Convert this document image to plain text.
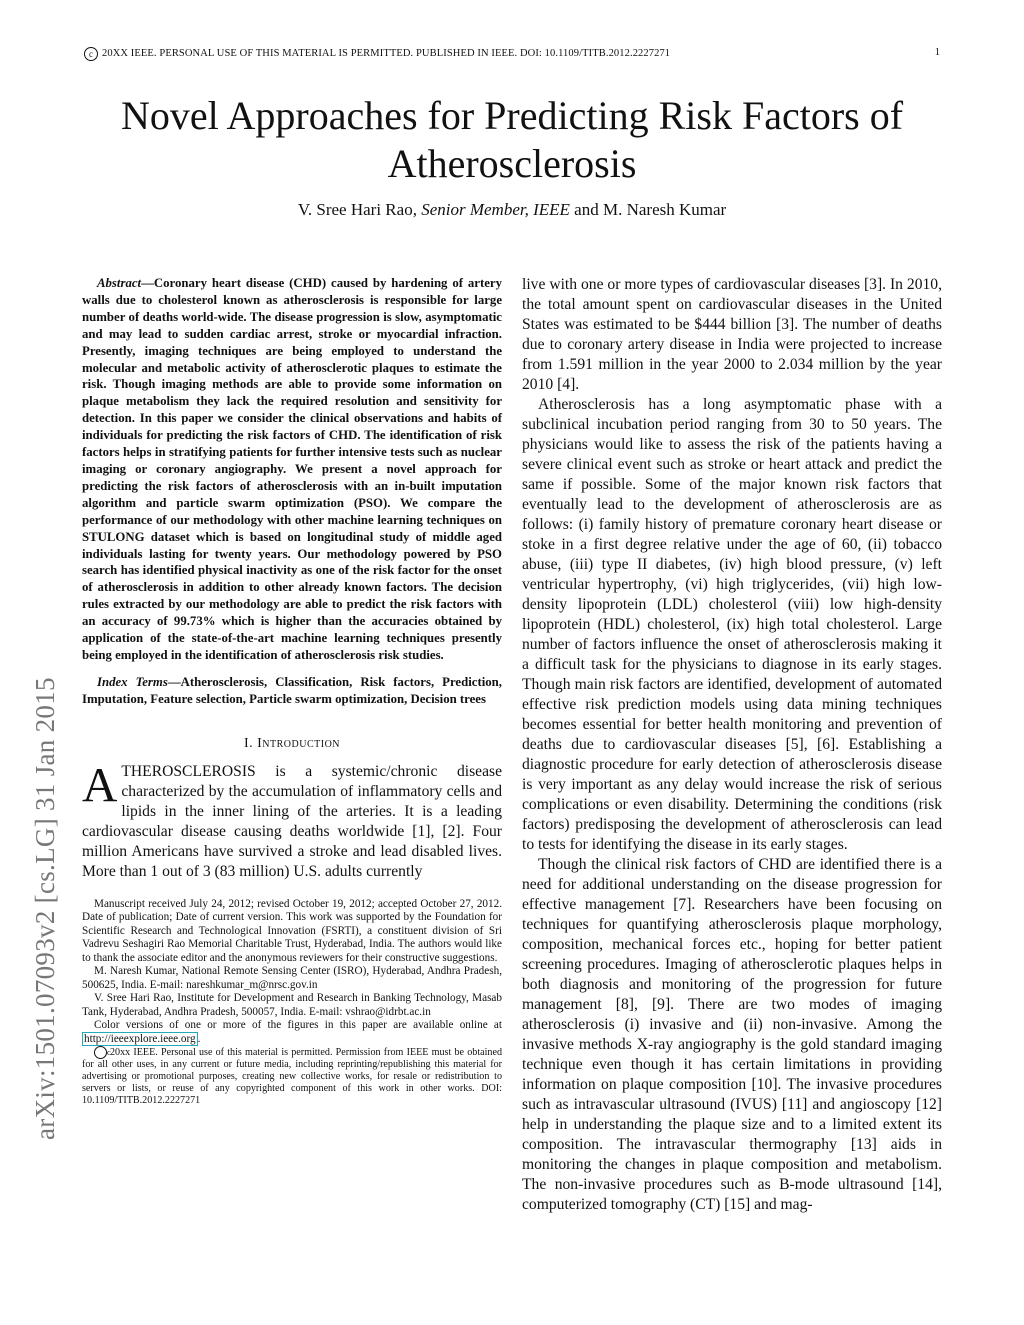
c 20XX IEEE. PERSONAL USE OF THIS MATERIAL IS PERMITTED. PUBLISHED IN IEEE. DOI: 10.1109/TITB.2012.2227271	1
arXiv:1501.07093v2 [cs.LG] 31 Jan 2015
Novel Approaches for Predicting Risk Factors of Atherosclerosis
V. Sree Hari Rao, Senior Member, IEEE and M. Naresh Kumar

Abstract—Coronary heart disease (CHD) caused by hardening of artery walls due to cholesterol known as atherosclerosis is responsible for large number of deaths world-wide. The disease progression is slow, asymptomatic and may lead to sudden cardiac arrest, stroke or myocardial infraction. Presently, imaging techniques are being employed to understand the molecular and metabolic activity of atherosclerotic plaques to estimate the risk. Though imaging methods are able to provide some information on plaque metabolism they lack the required resolution and sensitivity for detection. In this paper we consider the clinical observations and habits of individuals for predicting the risk factors of CHD. The identification of risk factors helps in stratifying patients for further intensive tests such as nuclear imaging or coronary angiography. We present a novel approach for predicting the risk factors of atherosclerosis with an in-built imputation algorithm and particle swarm optimization (PSO). We compare the performance of our methodology with other machine learning techniques on STULONG dataset which is based on longitudinal study of middle aged individuals lasting for twenty years. Our methodology powered by PSO search has identified physical inactivity as one of the risk factor for the onset of atherosclerosis in addition to other already known factors. The decision rules extracted by our methodology are able to predict the risk factors with an accuracy of 99.73% which is higher than the accuracies obtained by application of the state-of-the-art machine learning techniques presently being employed in the identification of atherosclerosis risk studies.

Index Terms—Atherosclerosis, Classification, Risk factors, Prediction, Imputation, Feature selection, Particle swarm optimization, Decision trees

I. Introduction
A THEROSCLEROSIS is a systemic/chronic disease characterized by the accumulation of inflammatory cells and lipids in the inner lining of the arteries. It is a leading cardiovascular disease causing deaths worldwide [1], [2]. Four million Americans have survived a stroke and lead disabled lives. More than 1 out of 3 (83 million) U.S. adults currently

Manuscript received July 24, 2012; revised October 19, 2012; accepted October 27, 2012. Date of publication; Date of current version. This work was supported by the Foundation for Scientific Research and Technological Innovation (FSRTI), a constituent division of Sri Vadrevu Seshagiri Rao Memorial Charitable Trust, Hyderabad, India. The authors would like to thank the associate editor and the anonymous reviewers for their constructive suggestions.

M. Naresh Kumar, National Remote Sensing Center (ISRO), Hyderabad, Andhra Pradesh, 500625, India. E-mail: nareshkumar_m@nrsc.gov.in

V. Sree Hari Rao, Institute for Development and Research in Banking Technology, Masab Tank, Hyderabad, Andhra Pradesh, 500057, India. E-mail: vshrao@idrbt.ac.in

Color versions of one or more of the figures in this paper are available online at http://ieeexplore.ieee.org .

c20xx IEEE. Personal use of this material is permitted. Permission from IEEE must be obtained for all other uses, in any current or future media, including reprinting/republishing this material for advertising or promotional purposes, creating new collective works, for resale or redistribution to servers or lists, or reuse of any copyrighted component of this work in other works. DOI: 10.1109/TITB.2012.2227271

live with one or more types of cardiovascular diseases [3]. In 2010, the total amount spent on cardiovascular diseases in the United States was estimated to be $444 billion [3]. The number of deaths due to coronary artery disease in India were projected to increase from 1.591 million in the year 2000 to 2.034 million by the year 2010 [4].

Atherosclerosis has a long asymptomatic phase with a subclinical incubation period ranging from 30 to 50 years. The physicians would like to assess the risk of the patients having a severe clinical event such as stroke or heart attack and predict the same if possible. Some of the major known risk factors that eventually lead to the development of atherosclerosis are as follows: (i) family history of premature coronary heart disease or stoke in a first degree relative under the age of 60, (ii) tobacco abuse, (iii) type II diabetes, (iv) high blood pressure, (v) left ventricular hypertrophy, (vi) high triglycerides, (vii) high low-density lipoprotein (LDL) cholesterol (viii) low high-density lipoprotein (HDL) cholesterol, (ix) high total cholesterol. Large number of factors influence the onset of atherosclerosis making it a difficult task for the physicians to diagnose in its early stages. Though main risk factors are identified, development of automated effective risk prediction models using data mining techniques becomes essential for better health monitoring and prevention of deaths due to cardiovascular diseases [5], [6]. Establishing a diagnostic procedure for early detection of atherosclerosis disease is very important as any delay would increase the risk of serious complications or even disability. Determining the conditions (risk factors) predisposing the development of atherosclerosis can lead to tests for identifying the disease in its early stages.

Though the clinical risk factors of CHD are identified there is a need for additional understanding on the disease progression for effective management [7]. Researchers have been focusing on techniques for quantifying atherosclerosis plaque morphology, composition, mechanical forces etc., hoping for better patient screening procedures. Imaging of atherosclerotic plaques helps in both diagnosis and monitoring of the progression for future management [8], [9]. There are two modes of imaging atherosclerosis (i) invasive and (ii) non-invasive. Among the invasive methods X-ray angiography is the gold standard imaging technique even though it has certain limitations in providing information on plaque composition [10]. The invasive procedures such as intravascular ultrasound (IVUS) [11] and angioscopy [12] help in understanding the plaque size and to a limited extent its composition. The intravascular thermography [13] aids in monitoring the changes in plaque composition and metabolism. The non-invasive procedures such as B-mode ultrasound [14], computerized tomography (CT) [15] and mag-
